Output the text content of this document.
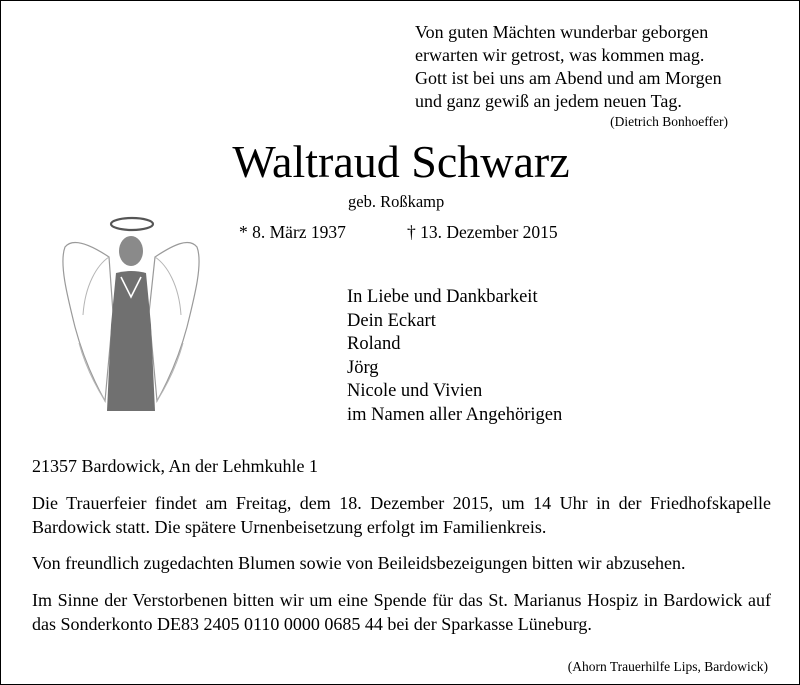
Von guten Mächten wunderbar geborgen
erwarten wir getrost, was kommen mag.
Gott ist bei uns am Abend und am Morgen
und ganz gewiß an jedem neuen Tag.
(Dietrich Bonhoeffer)
Waltraud Schwarz
geb. Roßkamp
* 8. März 1937	† 13. Dezember 2015
In Liebe und Dankbarkeit
Dein Eckart
Roland
Jörg
Nicole und Vivien
im Namen aller Angehörigen
21357 Bardowick, An der Lehmkuhle 1

Die Trauerfeier findet am Freitag, dem 18. Dezember 2015, um 14 Uhr in der Friedhofskapelle Bardowick statt. Die spätere Urnenbeisetzung erfolgt im Familienkreis.

Von freundlich zugedachten Blumen sowie von Beileidsbezeigungen bitten wir abzusehen.

Im Sinne der Verstorbenen bitten wir um eine Spende für das St. Marianus Hospiz in Bardowick auf das Sonderkonto DE83 2405 0110 0000 0685 44 bei der Sparkasse Lüneburg.

(Ahorn Trauerhilfe Lips, Bardowick)
